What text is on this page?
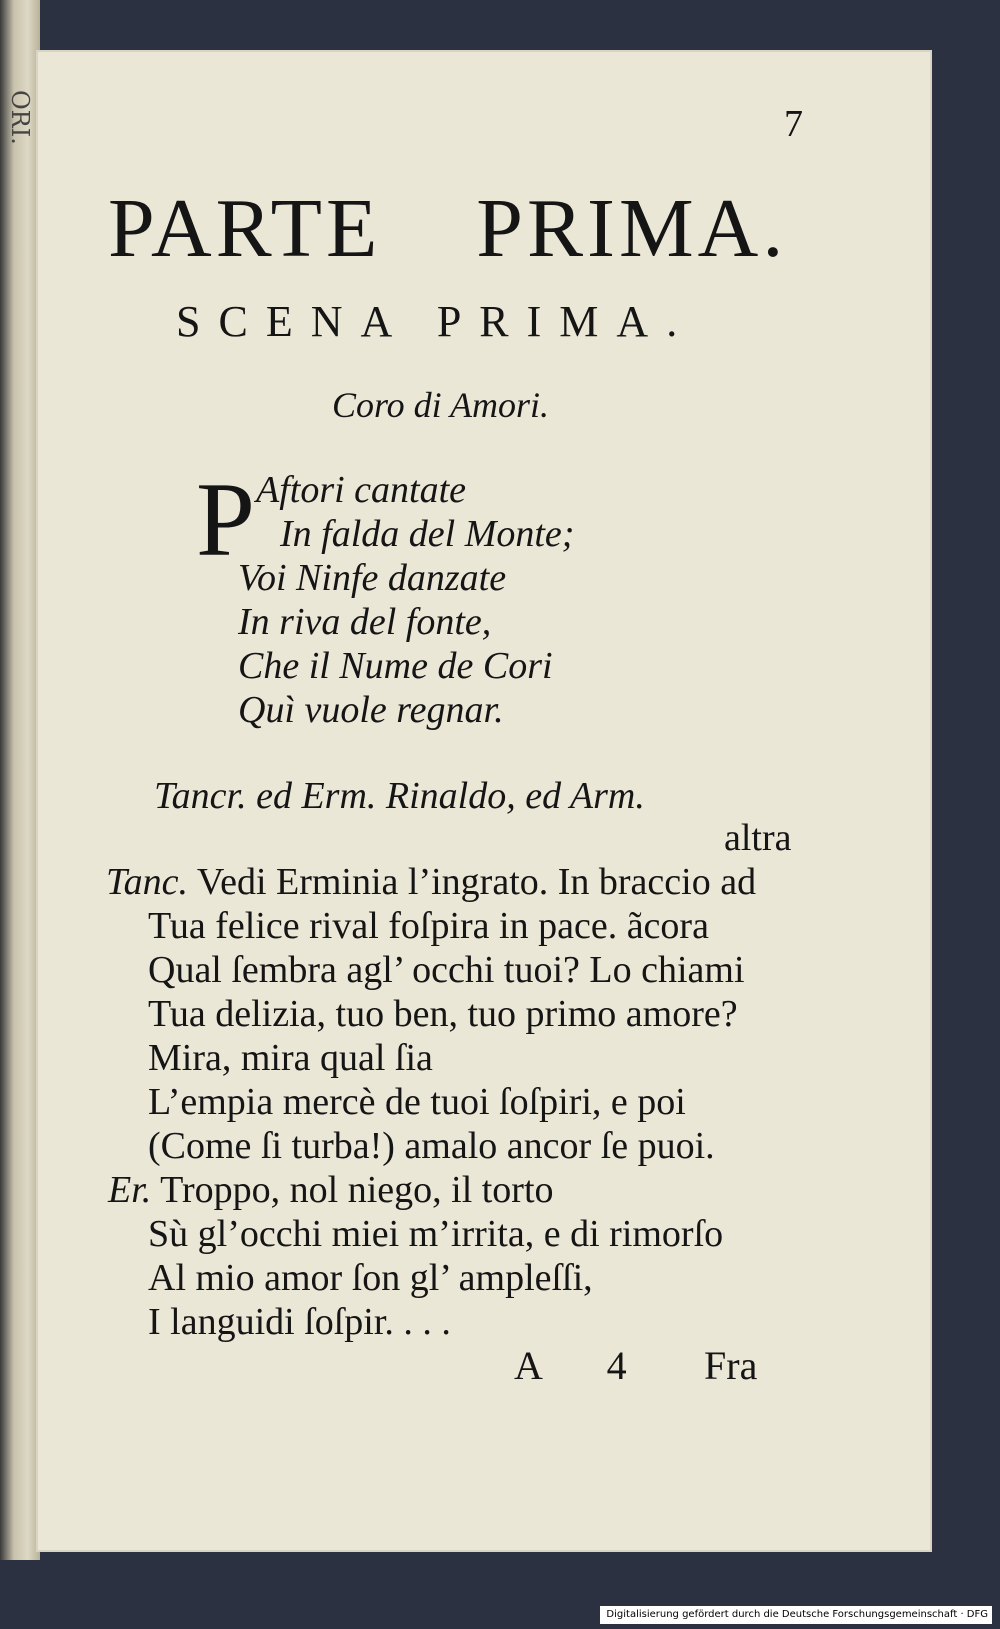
ORI.	7
PARTE PRIMA.
SCENA PRIMA.
Coro di Amori.
P Aftori cantate
In falda del Monte;
Voi Ninfe danzate
In riva del fonte,
Che il Nume de Cori
Quì vuole regnar.
Tancr. ed Erm. Rinaldo, ed Arm.
altra
Tanc. Vedi Erminia l’ingrato. In braccio ad
Tua felice rival foſpira in pace. ãcora
Qual ſembra agl’ occhi tuoi? Lo chiami
Tua delizia, tuo ben, tuo primo amore?
Mira, mira qual ſia
L’empia mercè de tuoi ſoſpiri, e poi
(Come ſi turba!) amalo ancor ſe puoi.
Er. Troppo, nol niego, il torto
Sù gl’occhi miei m’irrita, e di rimorſo
Al mio amor ſon gl’ ampleſſi,
I languidi ſoſpir. . . .
A 4 Fra
Digitalisierung gefördert durch die Deutsche Forschungsgemeinschaft · DFG
